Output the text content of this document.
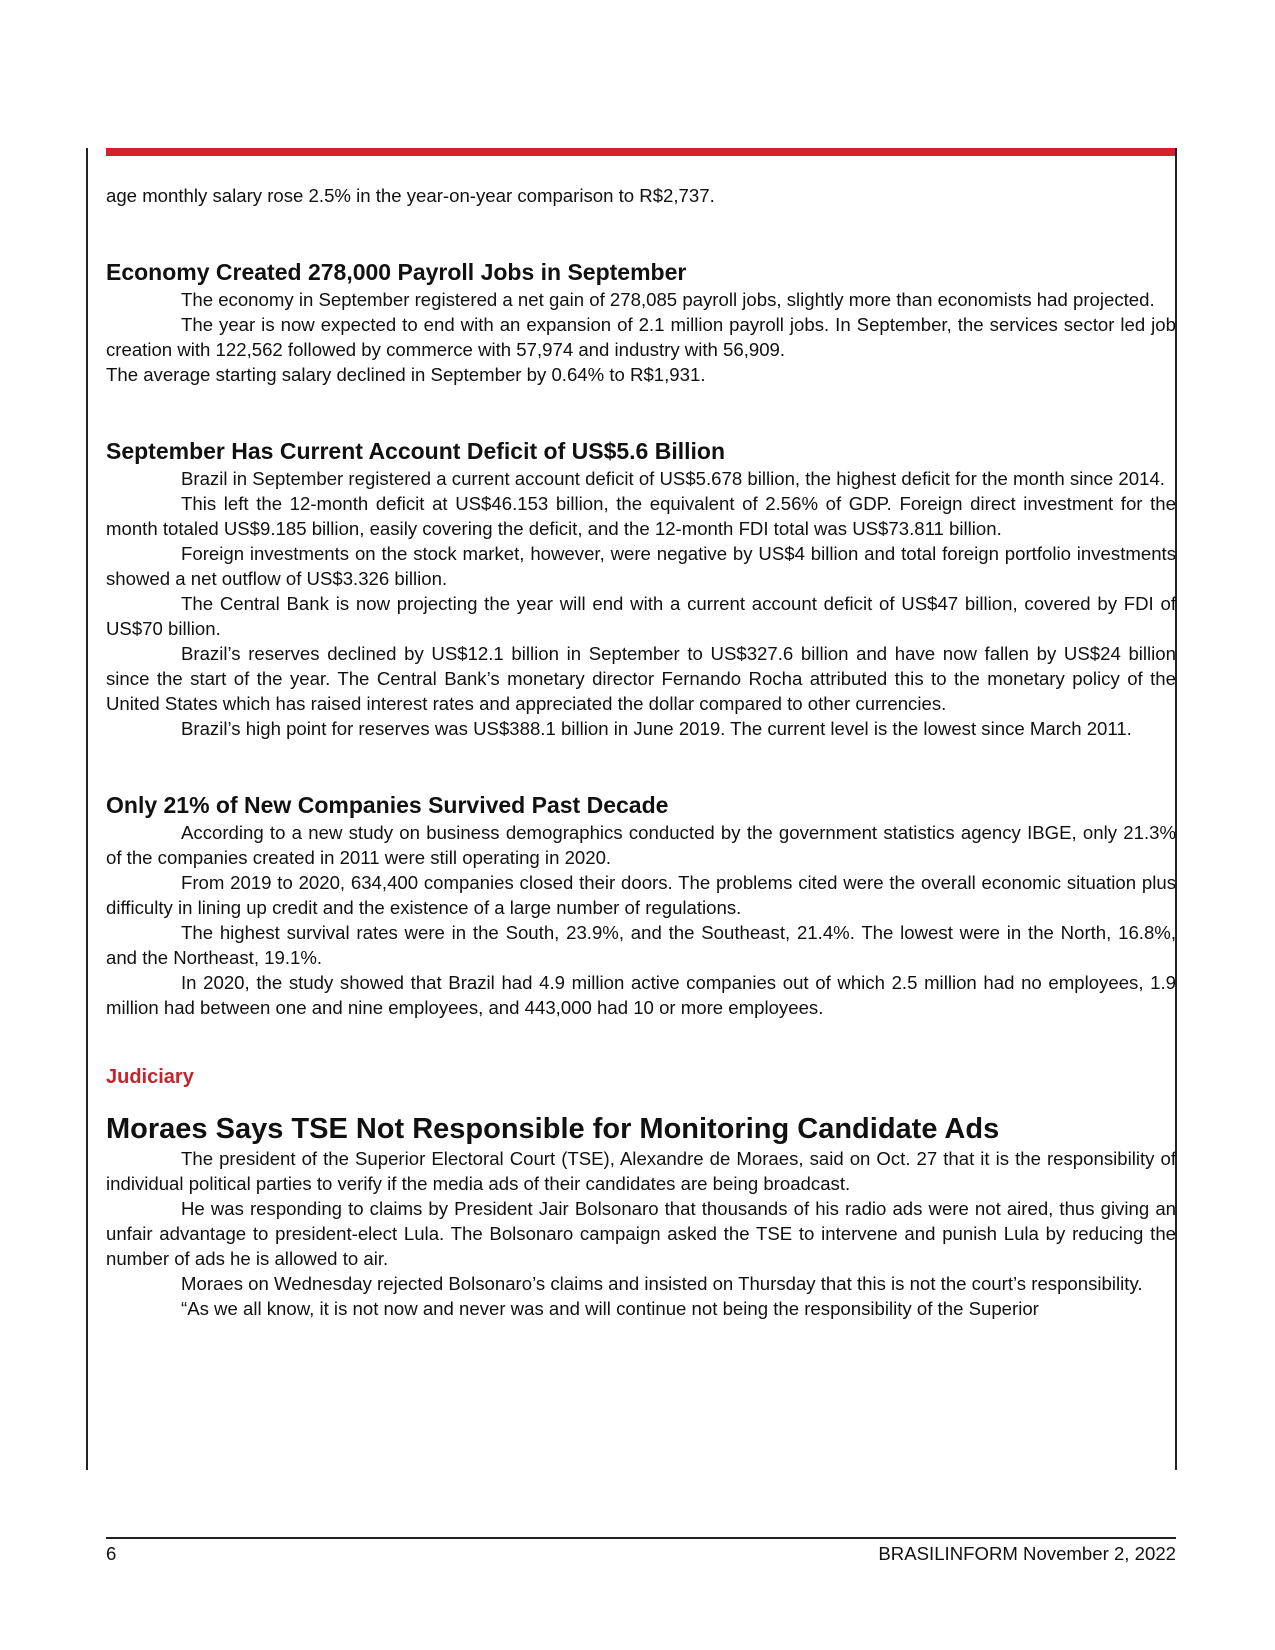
age monthly salary rose 2.5% in the year-on-year comparison to R$2,737.

Economy Created 278,000 Payroll Jobs in September

The economy in September registered a net gain of 278,085 payroll jobs, slightly more than economists had projected.

The year is now expected to end with an expansion of 2.1 million payroll jobs. In September, the services sector led job creation with 122,562 followed by commerce with 57,974 and industry with 56,909.

The average starting salary declined in September by 0.64% to R$1,931.

September Has Current Account Deficit of US$5.6 Billion

Brazil in September registered a current account deficit of US$5.678 billion, the highest deficit for the month since 2014.

This left the 12-month deficit at US$46.153 billion, the equivalent of 2.56% of GDP. Foreign direct investment for the month totaled US$9.185 billion, easily covering the deficit, and the 12-month FDI total was US$73.811 billion.

Foreign investments on the stock market, however, were negative by US$4 billion and total foreign portfolio investments showed a net outflow of US$3.326 billion.

The Central Bank is now projecting the year will end with a current account deficit of US$47 billion, covered by FDI of US$70 billion.

Brazil’s reserves declined by US$12.1 billion in September to US$327.6 billion and have now fallen by US$24 billion since the start of the year. The Central Bank’s monetary director Fernando Rocha attributed this to the monetary policy of the United States which has raised interest rates and appreciated the dollar compared to other currencies.

Brazil’s high point for reserves was US$388.1 billion in June 2019. The current level is the lowest since March 2011.

Only 21% of New Companies Survived Past Decade

According to a new study on business demographics conducted by the government statistics agency IBGE, only 21.3% of the companies created in 2011 were still operating in 2020.

From 2019 to 2020, 634,400 companies closed their doors. The problems cited were the overall economic situation plus difficulty in lining up credit and the existence of a large number of regulations.

The highest survival rates were in the South, 23.9%, and the Southeast, 21.4%. The lowest were in the North, 16.8%, and the Northeast, 19.1%.

In 2020, the study showed that Brazil had 4.9 million active companies out of which 2.5 million had no employees, 1.9 million had between one and nine employees, and 443,000 had 10 or more employees.

Judiciary
Moraes Says TSE Not Responsible for Monitoring Candidate Ads

The president of the Superior Electoral Court (TSE), Alexandre de Moraes, said on Oct. 27 that it is the responsibility of individual political parties to verify if the media ads of their candidates are being broadcast.

He was responding to claims by President Jair Bolsonaro that thousands of his radio ads were not aired, thus giving an unfair advantage to president-elect Lula. The Bolsonaro campaign asked the TSE to intervene and punish Lula by reducing the number of ads he is allowed to air.

Moraes on Wednesday rejected Bolsonaro’s claims and insisted on Thursday that this is not the court’s responsibility.

“As we all know, it is not now and never was and will continue not being the responsibility of the Superior

6	BRASILINFORM November 2, 2022
